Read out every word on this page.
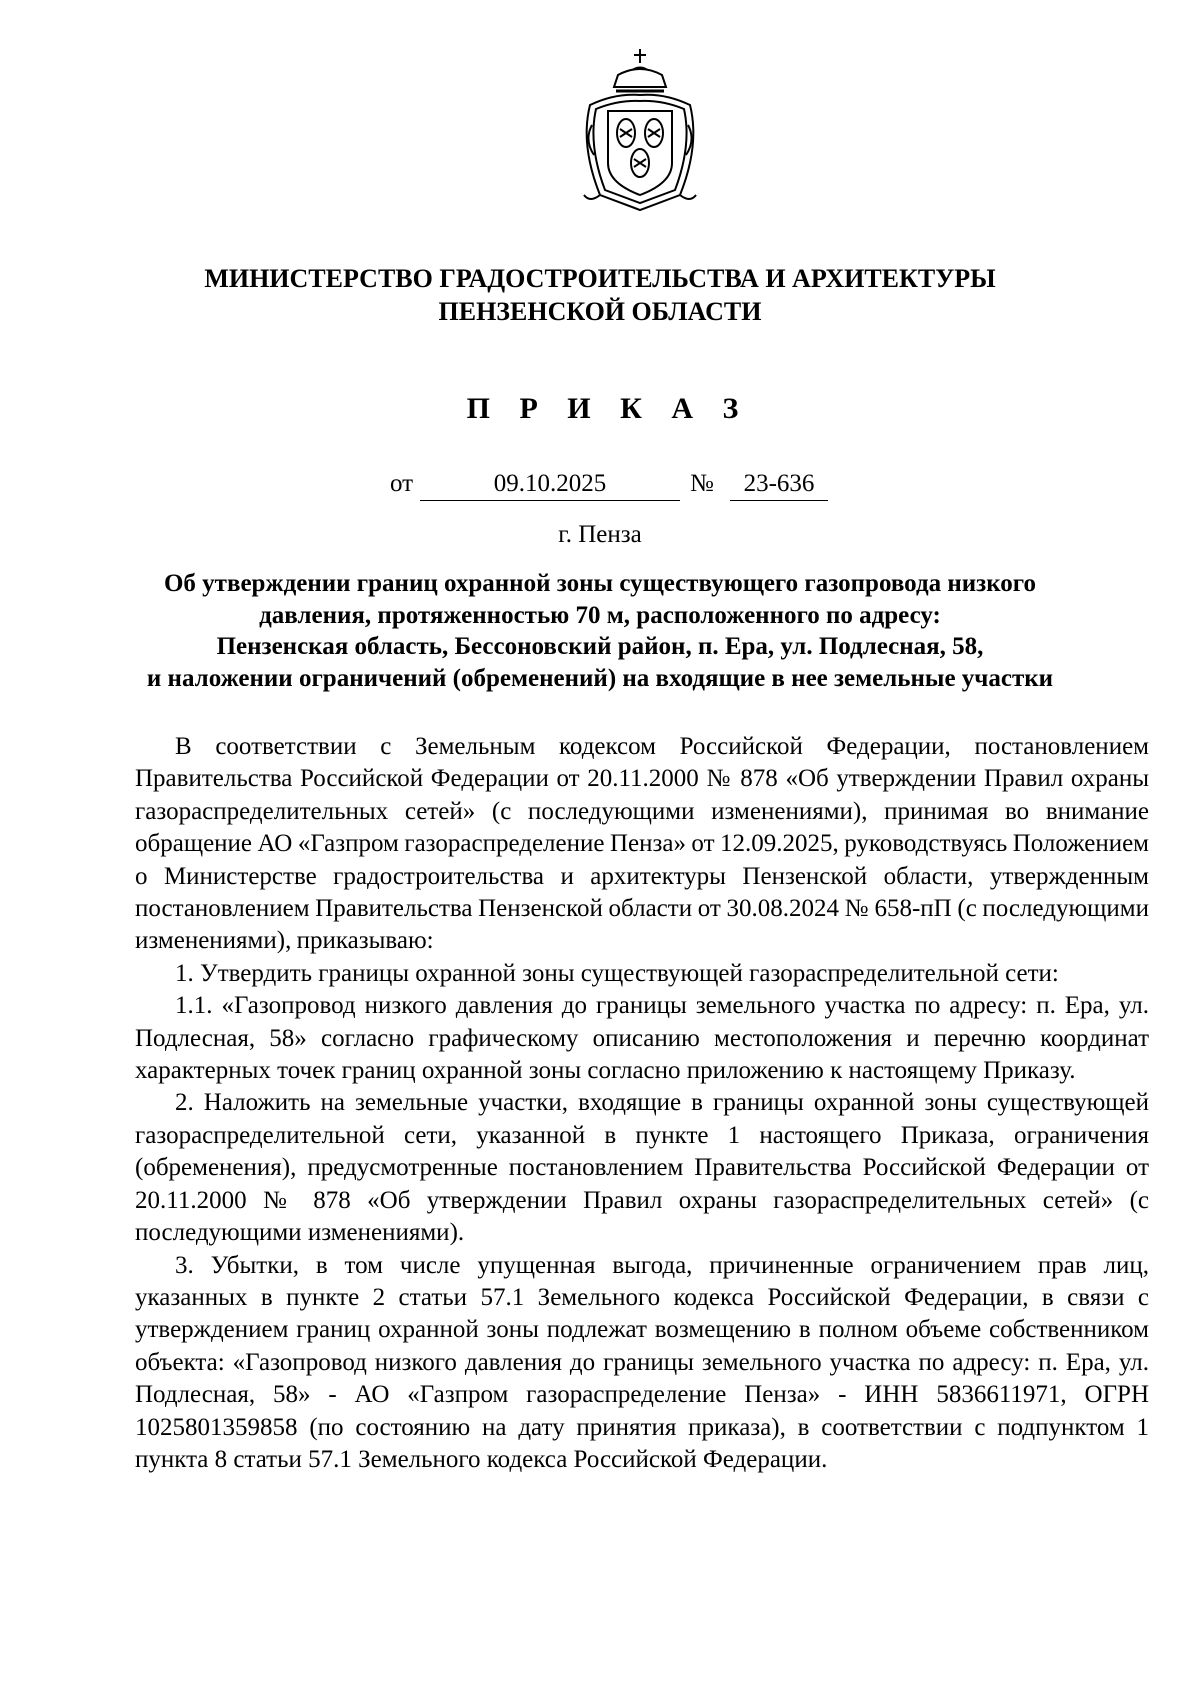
МИНИСТЕРСТВО ГРАДОСТРОИТЕЛЬСТВА И АРХИТЕКТУРЫ
ПЕНЗЕНСКОЙ ОБЛАСТИ
П Р И К А З
от	09.10.2025	№	23-636
г. Пенза
Об утверждении границ охранной зоны существующего газопровода низкого
давления, протяженностью 70 м, расположенного по адресу:
Пензенская область, Бессоновский район, п. Ера, ул. Подлесная, 58,
и наложении ограничений (обременений) на входящие в нее земельные участки

В соответствии с Земельным кодексом Российской Федерации, постановлением Правительства Российской Федерации от 20.11.2000 № 878 «Об утверждении Правил охраны газораспределительных сетей» (с последующими изменениями), принимая во внимание обращение АО «Газпром газораспределение Пенза» от 12.09.2025, руководствуясь Положением о Министерстве градостроительства и архитектуры Пензенской области, утвержденным постановлением Правительства Пензенской области от 30.08.2024 № 658-пП (с последующими изменениями), приказываю:

1. Утвердить границы охранной зоны существующей газораспределительной сети:

1.1. «Газопровод низкого давления до границы земельного участка по адресу: п. Ера, ул. Подлесная, 58» согласно графическому описанию местоположения и перечню координат характерных точек границ охранной зоны согласно приложению к настоящему Приказу.

2. Наложить на земельные участки, входящие в границы охранной зоны существующей газораспределительной сети, указанной в пункте 1 настоящего Приказа, ограничения (обременения), предусмотренные постановлением Правительства Российской Федерации от 20.11.2000 № 878 «Об утверждении Правил охраны газораспределительных сетей» (с последующими изменениями).

3. Убытки, в том числе упущенная выгода, причиненные ограничением прав лиц, указанных в пункте 2 статьи 57.1 Земельного кодекса Российской Федерации, в связи с утверждением границ охранной зоны подлежат возмещению в полном объеме собственником объекта: «Газопровод низкого давления до границы земельного участка по адресу: п. Ера, ул. Подлесная, 58» - АО «Газпром газораспределение Пенза» - ИНН 5836611971, ОГРН 1025801359858 (по состоянию на дату принятия приказа), в соответствии с подпунктом 1 пункта 8 статьи 57.1 Земельного кодекса Российской Федерации.
